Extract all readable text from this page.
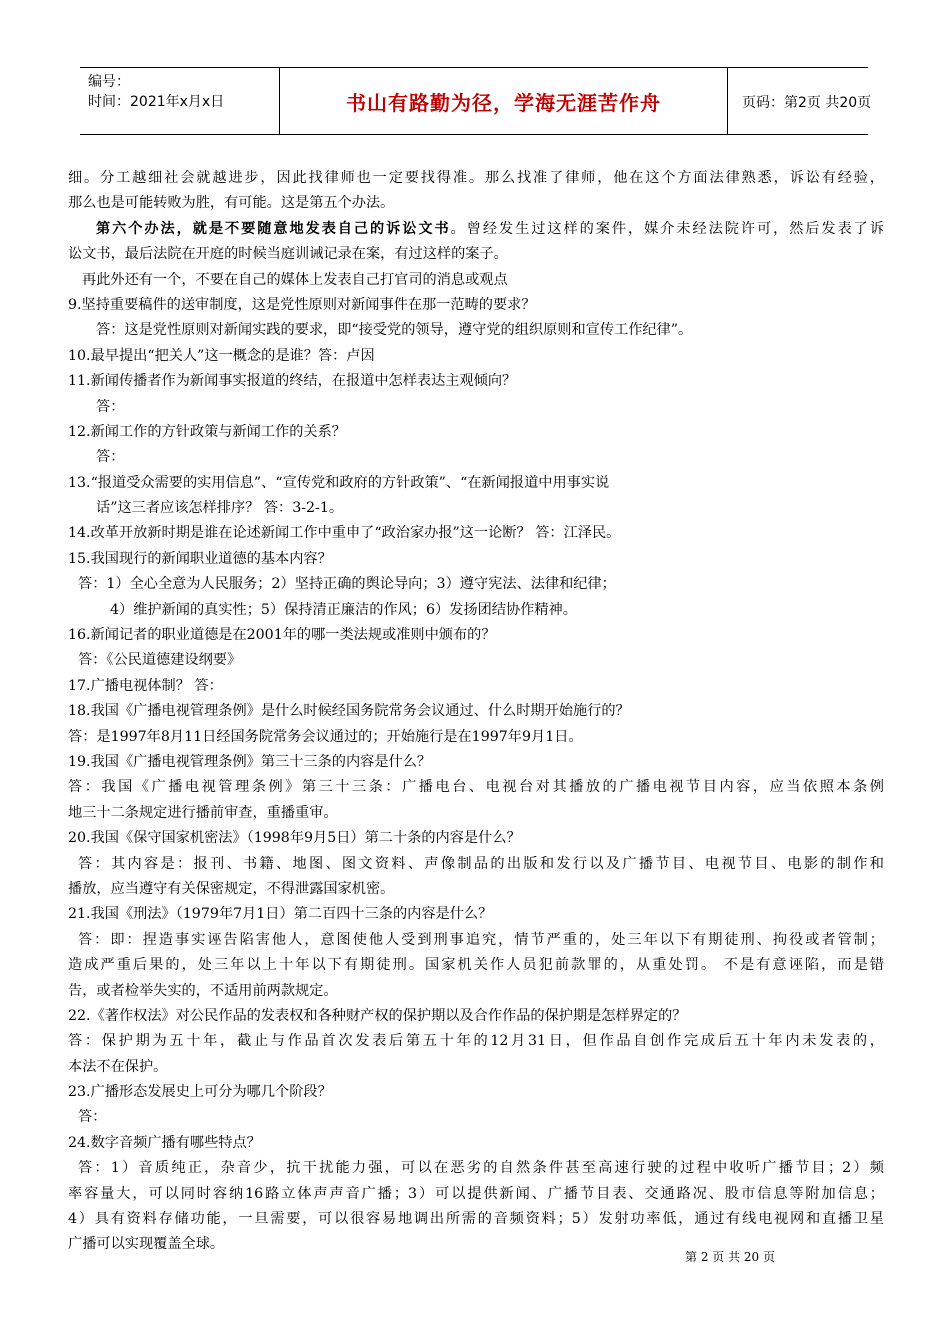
编号：
时间：2021年x月x日	书山有路勤为径，学海无涯苦作舟	页码：第2页 共20页
细。分工越细社会就越进步，因此找律师也一定要找得准。那么找准了律师，他在这个方面法律熟悉，诉讼有经验，
那么也是可能转败为胜，有可能。这是第五个办法。
第六个办法，就是不要随意地发表自己的诉讼文书。曾经发生过这样的案件，媒介未经法院许可，然后发表了诉
讼文书，最后法院在开庭的时候当庭训诫记录在案，有过这样的案子。
再此外还有一个，不要在自己的媒体上发表自己打官司的消息或观点
9.坚持重要稿件的送审制度，这是党性原则对新闻事件在那一范畴的要求？
答：这是党性原则对新闻实践的要求，即“接受党的领导，遵守党的组织原则和宣传工作纪律”。
10.最早提出“把关人”这一概念的是谁？答：卢因
11.新闻传播者作为新闻事实报道的终结，在报道中怎样表达主观倾向？
答：
12.新闻工作的方针政策与新闻工作的关系？
答：
13.“报道受众需要的实用信息”、“宣传党和政府的方针政策”、“在新闻报道中用事实说
话”这三者应该怎样排序？ 答：3-2-1。
14.改革开放新时期是谁在论述新闻工作中重申了“政治家办报”这一论断？ 答：江泽民。
15.我国现行的新闻职业道德的基本内容？
答：1）全心全意为人民服务；2）坚持正确的舆论导向；3）遵守宪法、法律和纪律；
4）维护新闻的真实性；5）保持清正廉洁的作风；6）发扬团结协作精神。
16.新闻记者的职业道德是在2001年的哪一类法规或准则中颁布的？
答：《公民道德建设纲要》
17.广播电视体制？ 答：
18.我国《广播电视管理条例》是什么时候经国务院常务会议通过、什么时期开始施行的？
答：是1997年8月11日经国务院常务会议通过的；开始施行是在1997年9月1日。
19.我国《广播电视管理条例》第三十三条的内容是什么？
答：我国《广播电视管理条例》第三十三条：广播电台、电视台对其播放的广播电视节目内容，应当依照本条例
地三十二条规定进行播前审查，重播重审。
20.我国《保守国家机密法》（1998年9月5日）第二十条的内容是什么？
答：其内容是：报刊、书籍、地图、图文资料、声像制品的出版和发行以及广播节目、电视节目、电影的制作和
播放，应当遵守有关保密规定，不得泄露国家机密。
21.我国《刑法》（1979年7月1日）第二百四十三条的内容是什么？
答：即：捏造事实诬告陷害他人，意图使他人受到刑事追究，情节严重的，处三年以下有期徒刑、拘役或者管制；
造成严重后果的，处三年以上十年以下有期徒刑。国家机关作人员犯前款罪的，从重处罚。 不是有意诬陷，而是错
告，或者检举失实的，不适用前两款规定。
22.《著作权法》对公民作品的发表权和各种财产权的保护期以及合作作品的保护期是怎样界定的？
答：保护期为五十年，截止与作品首次发表后第五十年的12月31日，但作品自创作完成后五十年内未发表的，
本法不在保护。
23.广播形态发展史上可分为哪几个阶段？
答：
24.数字音频广播有哪些特点？
答：1）音质纯正，杂音少，抗干扰能力强，可以在恶劣的自然条件甚至高速行驶的过程中收听广播节目；2）频
率容量大，可以同时容纳16路立体声声音广播；3）可以提供新闻、广播节目表、交通路况、股市信息等附加信息；
4）具有资料存储功能，一旦需要，可以很容易地调出所需的音频资料；5）发射功率低，通过有线电视网和直播卫星
广播可以实现覆盖全球。
第 2 页 共 20 页
